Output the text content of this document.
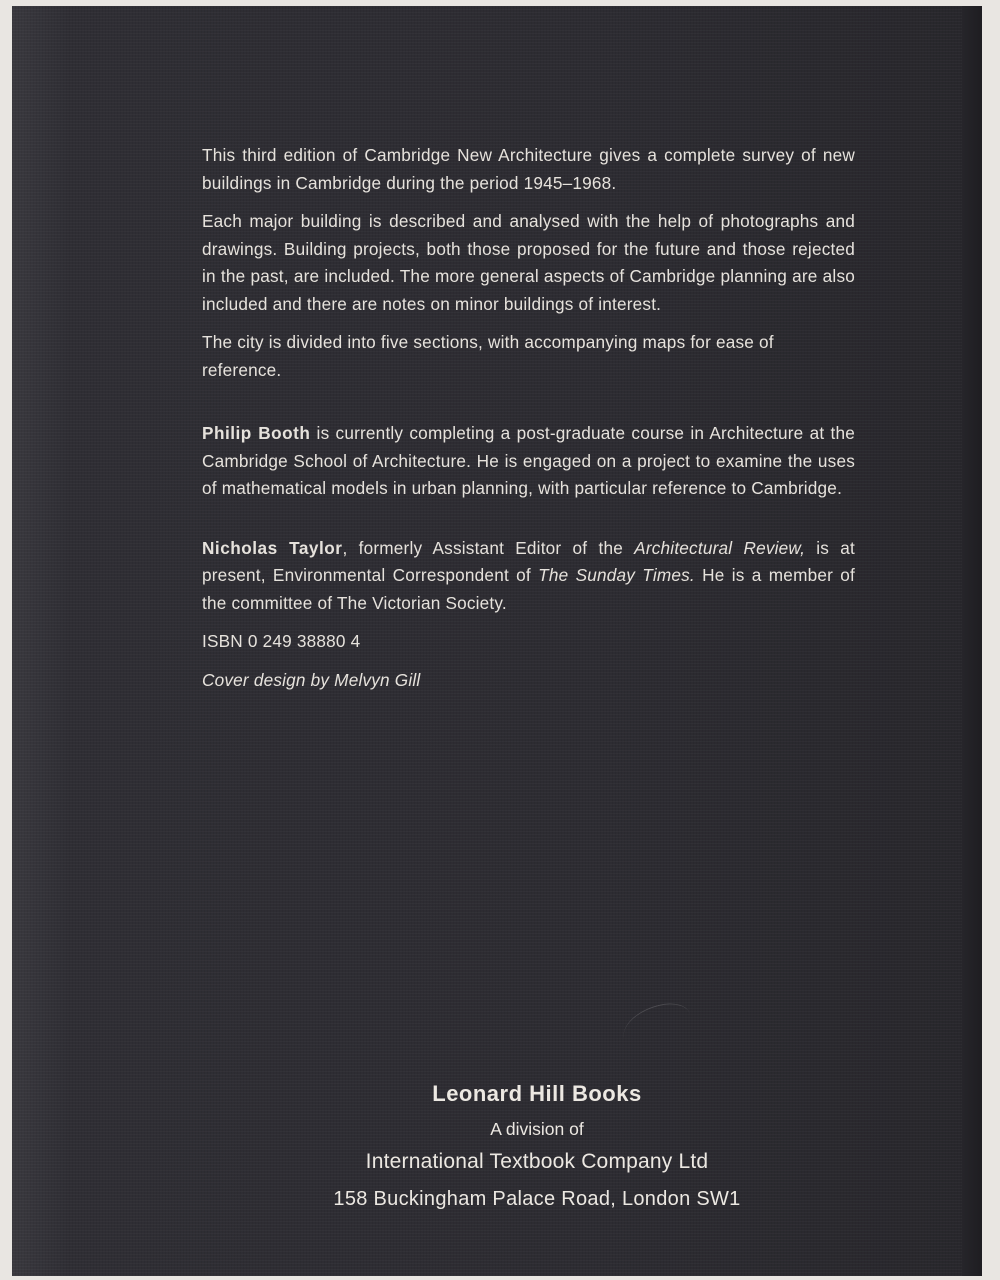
This third edition of Cambridge New Architecture gives a complete survey of new buildings in Cambridge during the period 1945–1968.

Each major building is described and analysed with the help of photographs and drawings. Building projects, both those proposed for the future and those rejected in the past, are included. The more general aspects of Cambridge planning are also included and there are notes on minor buildings of interest.

The city is divided into five sections, with accompanying maps for ease of reference.

Philip Booth is currently completing a post-graduate course in Architecture at the Cambridge School of Architecture. He is engaged on a project to examine the uses of mathematical models in urban planning, with particular reference to Cambridge.

Nicholas Taylor, formerly Assistant Editor of the Architectural Review, is at present, Environmental Correspondent of The Sunday Times. He is a member of the committee of The Victorian Society.

ISBN 0 249 38880 4

Cover design by Melvyn Gill

Leonard Hill Books
A division of
International Textbook Company Ltd
158 Buckingham Palace Road, London SW1
